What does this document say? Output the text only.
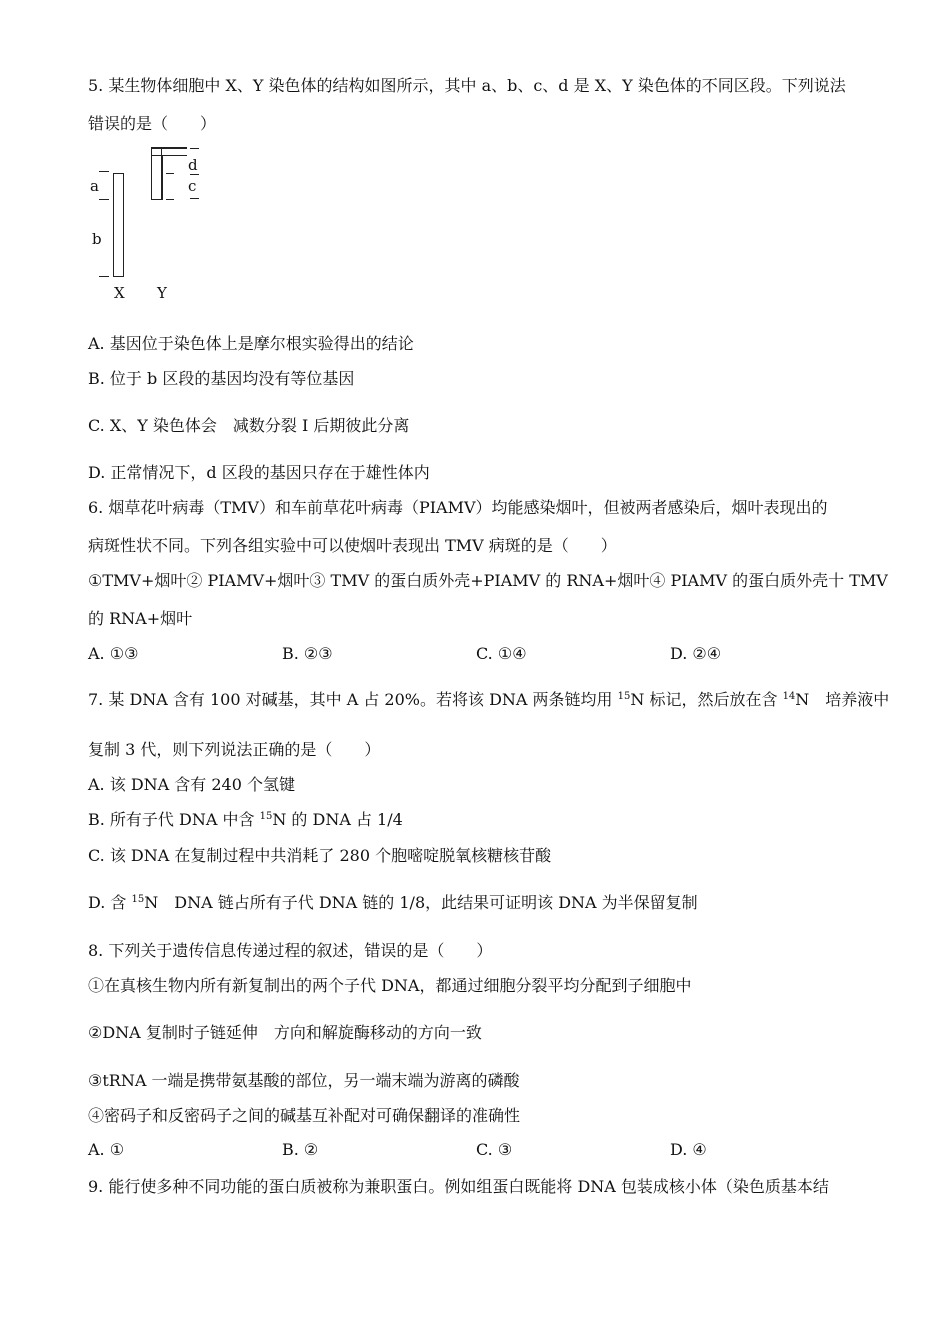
5. 某生物体细胞中 X、Y 染色体的结构如图所示，其中 a、b、c、d 是 X、Y 染色体的不同区段。下列说法
错误的是（　　）
a
b
X
d
c
Y
A. 基因位于染色体上是摩尔根实验得出的结论
B. 位于 b 区段的基因均没有等位基因
C. X、Y 染色体会　减数分裂 I 后期彼此分离
D. 正常情况下，d 区段的基因只存在于雄性体内
6. 烟草花叶病毒（TMV）和车前草花叶病毒（PIAMV）均能感染烟叶，但被两者感染后，烟叶表现出的
病斑性状不同。下列各组实验中可以使烟叶表现出 TMV 病斑的是（　　）
①TMV+烟叶② PIAMV+烟叶③ TMV 的蛋白质外壳+PIAMV 的 RNA+烟叶④ PIAMV 的蛋白质外壳十 TMV
的 RNA+烟叶
A. ①③	B. ②③	C. ①④	D. ②④
7. 某 DNA 含有 100 对碱基，其中 A 占 20%。若将该 DNA 两条链均用 $^{15}$N 标记，然后放在含 $^{14}$N　培养液中
复制 3 代，则下列说法正确的是（　　）
A. 该 DNA 含有 240 个氢键
B. 所有子代 DNA 中含 $^{15}$N 的 DNA 占 1/4
C. 该 DNA 在复制过程中共消耗了 280 个胞嘧啶脱氧核糖核苷酸
D. 含 $^{15}$N　DNA 链占所有子代 DNA 链的 1/8，此结果可证明该 DNA 为半保留复制
8. 下列关于遗传信息传递过程的叙述，错误的是（　　）
①在真核生物内所有新复制出的两个子代 DNA，都通过细胞分裂平均分配到子细胞中
②DNA 复制时子链延伸　方向和解旋酶移动的方向一致
③tRNA 一端是携带氨基酸的部位，另一端末端为游离的磷酸
④密码子和反密码子之间的碱基互补配对可确保翻译的准确性
A. ①	B. ②	C. ③	D. ④
9. 能行使多种不同功能的蛋白质被称为兼职蛋白。例如组蛋白既能将 DNA 包装成核小体（染色质基本结
